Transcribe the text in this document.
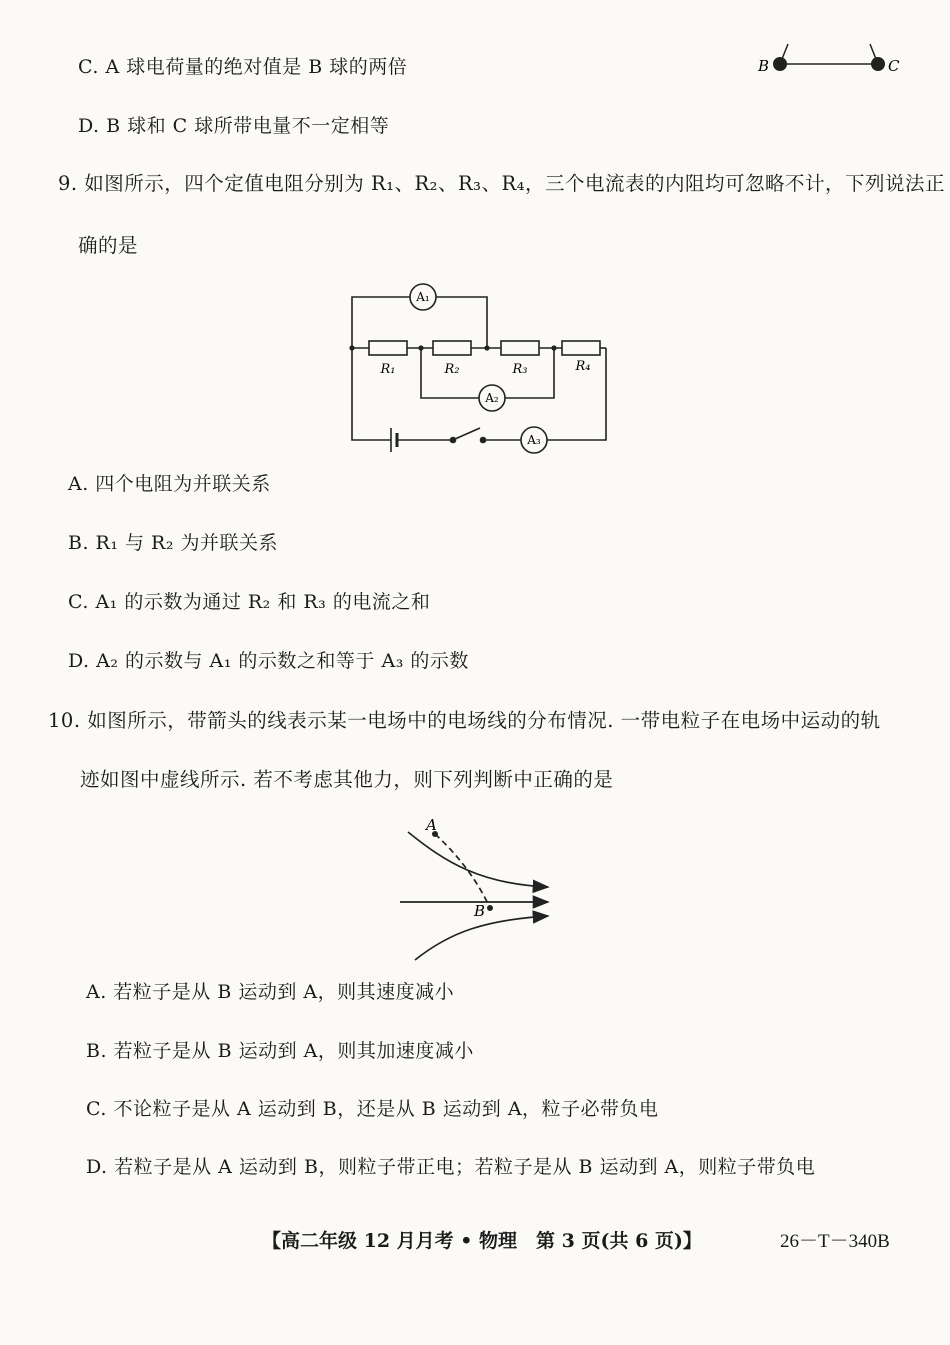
C. A 球电荷量的绝对值是 B 球的两倍
D. B 球和 C 球所带电量不一定相等
B	C
9. 如图所示，四个定值电阻分别为 R₁、R₂、R₃、R₄，三个电流表的内阻均可忽略不计，下列说法正
确的是
A₁
A₂
A₃
R₁	R₂	R₃	R₄
A. 四个电阻为并联关系
B. R₁ 与 R₂ 为并联关系
C. A₁ 的示数为通过 R₂ 和 R₃ 的电流之和
D. A₂ 的示数与 A₁ 的示数之和等于 A₃ 的示数
10. 如图所示，带箭头的线表示某一电场中的电场线的分布情况. 一带电粒子在电场中运动的轨
迹如图中虚线所示. 若不考虑其他力，则下列判断中正确的是
A
B
A. 若粒子是从 B 运动到 A，则其速度减小
B. 若粒子是从 B 运动到 A，则其加速度减小
C. 不论粒子是从 A 运动到 B，还是从 B 运动到 A，粒子必带负电
D. 若粒子是从 A 运动到 B，则粒子带正电；若粒子是从 B 运动到 A，则粒子带负电
【高二年级 12 月月考 • 物理　第 3 页(共 6 页)】	26－T－340B
